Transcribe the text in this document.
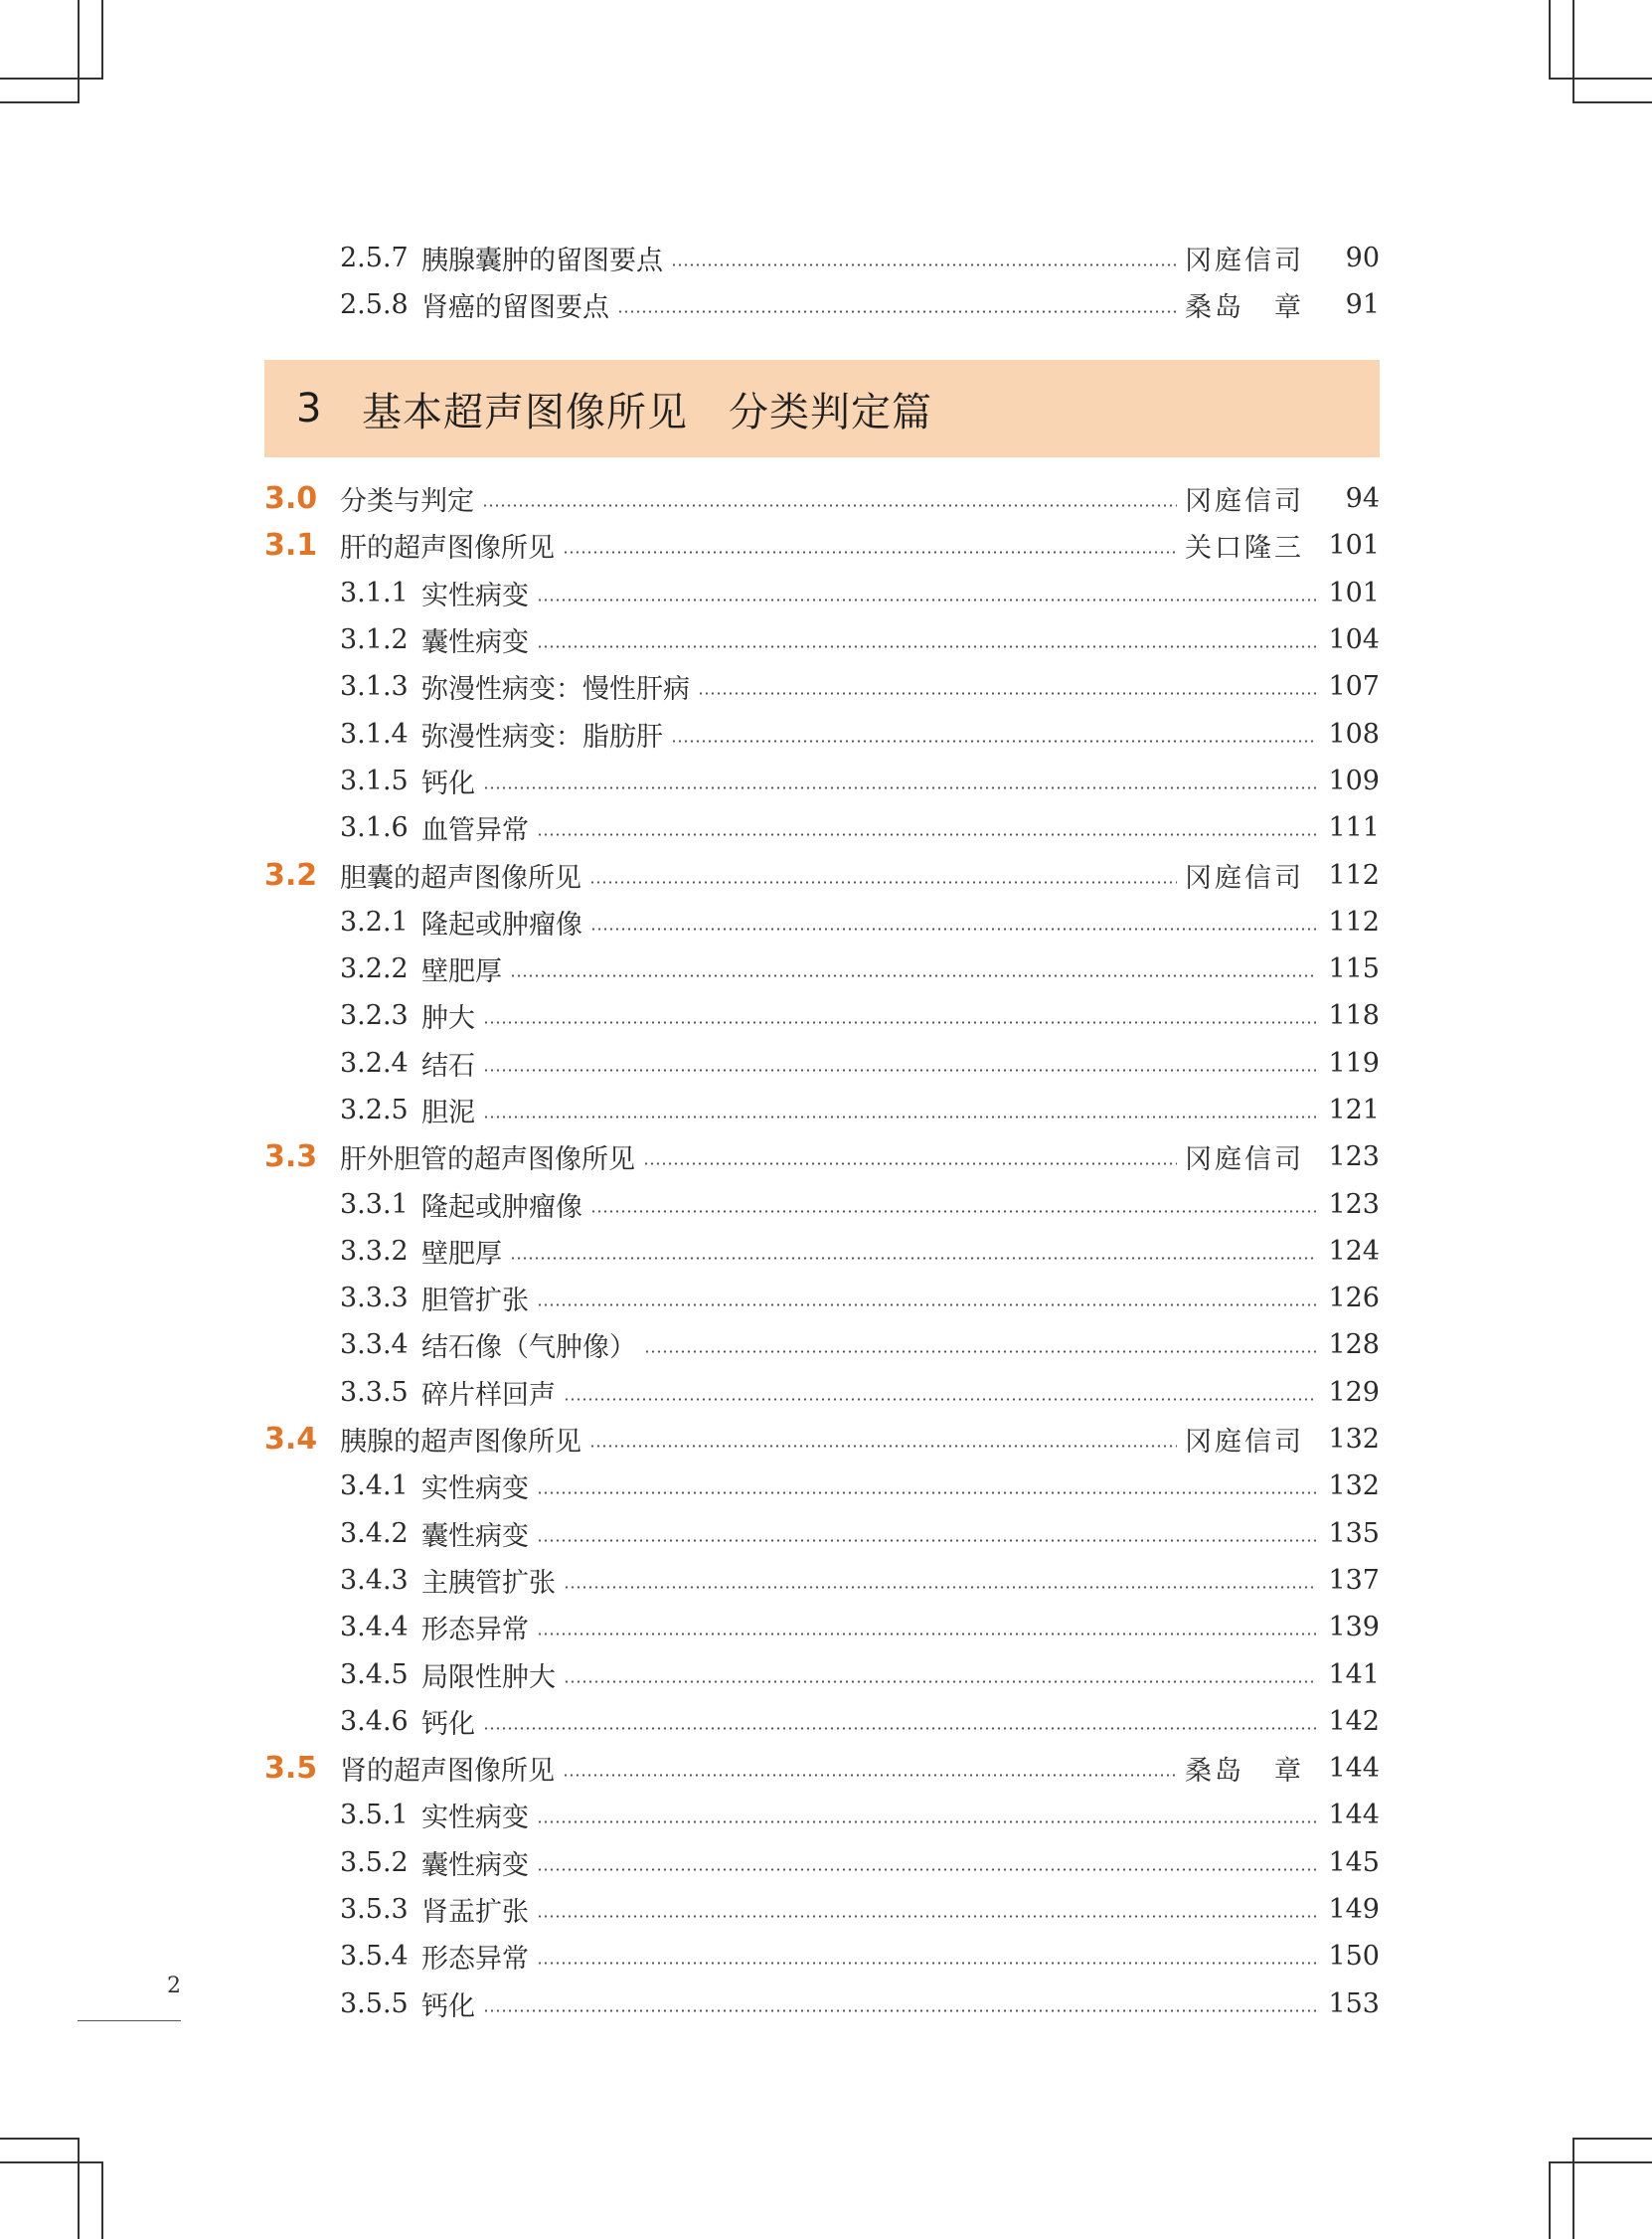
2.5.7 胰腺囊肿的留图要点	冈庭信司	90
2.5.8 肾癌的留图要点	桑岛　章	91
3	基本超声图像所见　分类判定篇
3.0 分类与判定	冈庭信司	94
3.1 肝的超声图像所见	关口隆三 101
3.1.1 实性病变	101
3.1.2 囊性病变	104
3.1.3 弥漫性病变：慢性肝病	107
3.1.4 弥漫性病变：脂肪肝	108
3.1.5 钙化	109
3.1.6 血管异常	111
3.2 胆囊的超声图像所见	冈庭信司 112
3.2.1 隆起或肿瘤像	112
3.2.2 壁肥厚	115
3.2.3 肿大	118
3.2.4 结石	119
3.2.5 胆泥	121
3.3 肝外胆管的超声图像所见	冈庭信司 123
3.3.1 隆起或肿瘤像	123
3.3.2 壁肥厚	124
3.3.3 胆管扩张	126
3.3.4 结石像（气肿像）	128
3.3.5 碎片样回声	129
3.4 胰腺的超声图像所见	冈庭信司 132
3.4.1 实性病变	132
3.4.2 囊性病变	135
3.4.3 主胰管扩张	137
3.4.4 形态异常	139
3.4.5 局限性肿大	141
3.4.6 钙化	142
3.5 肾的超声图像所见	桑岛　章 144
3.5.1 实性病变	144
3.5.2 囊性病变	145
3.5.3 肾盂扩张	149
3.5.4 形态异常	150
3.5.5 钙化	153
2
